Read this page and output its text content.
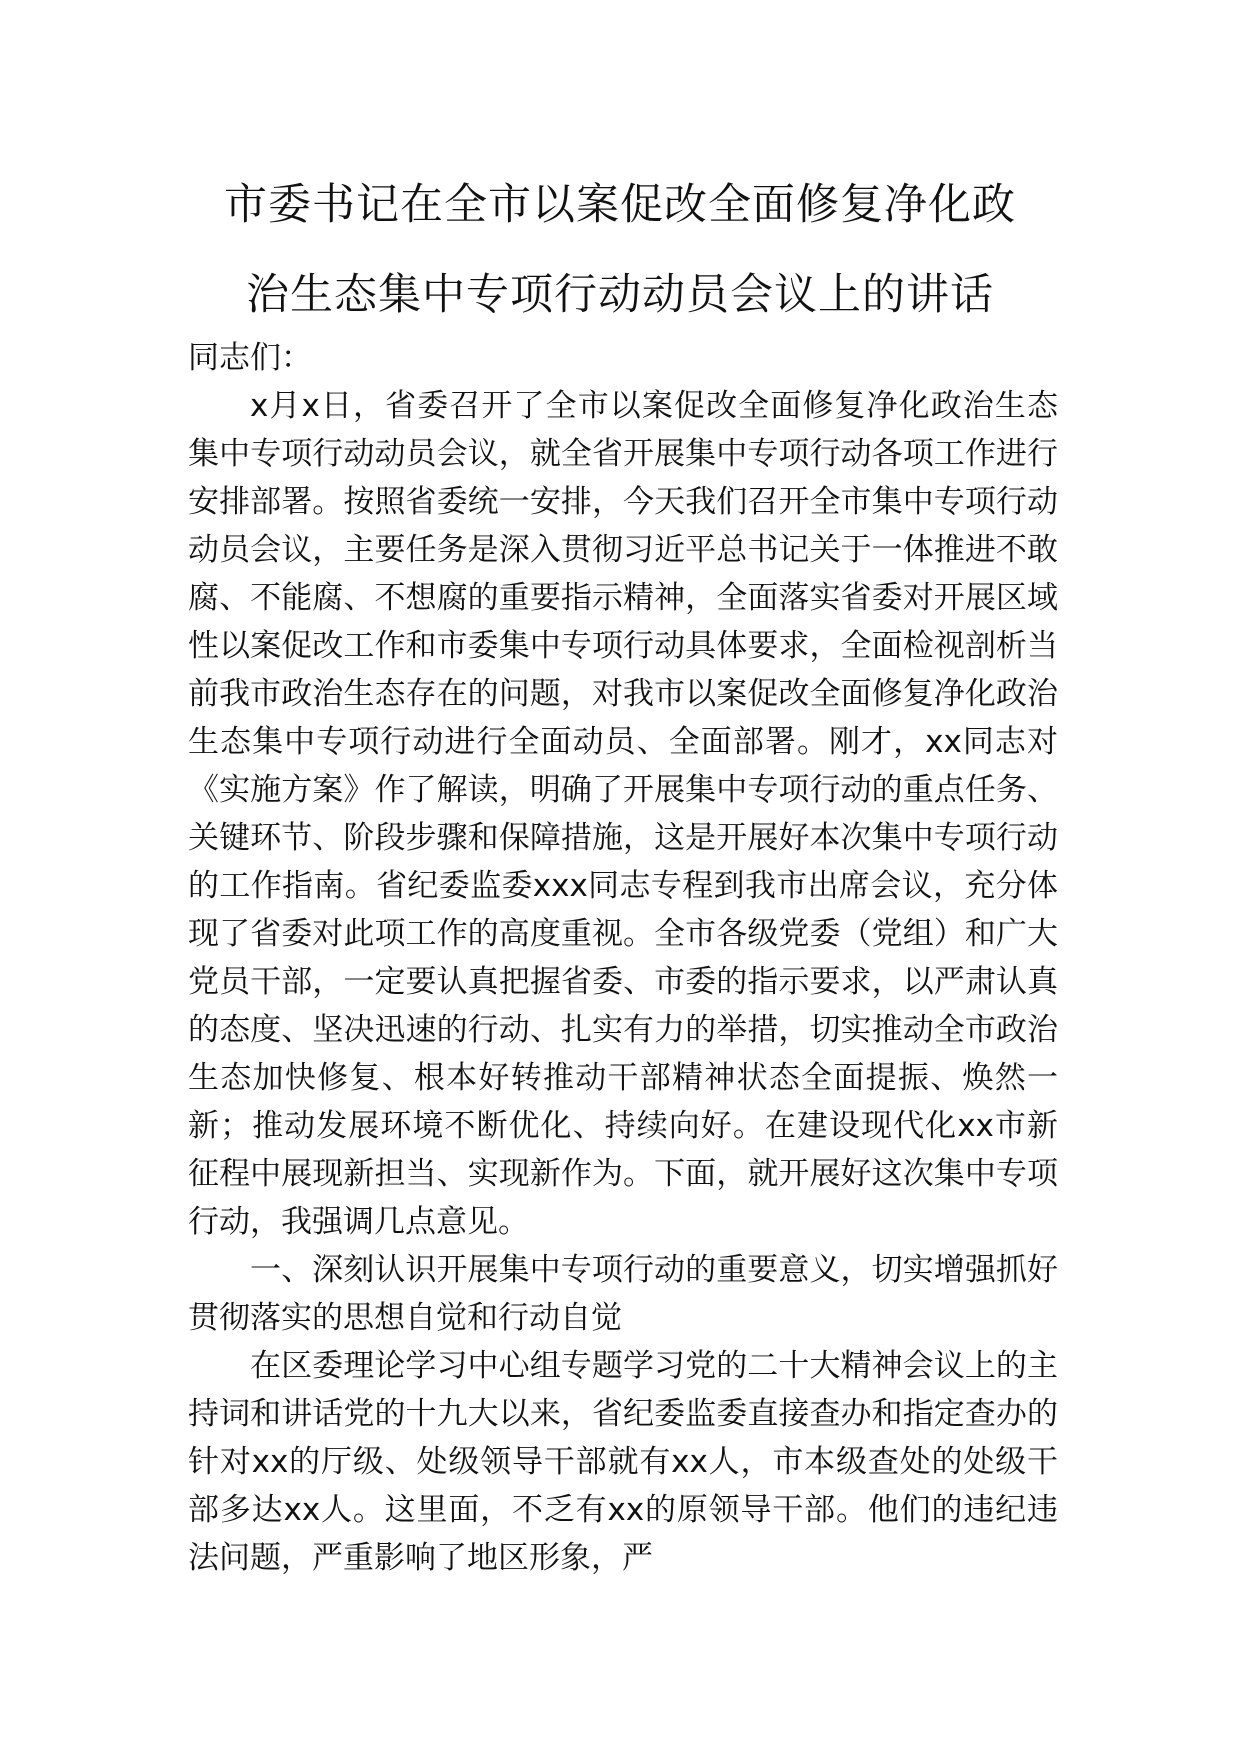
市委书记在全市以案促改全面修复净化政
治生态集中专项行动动员会议上的讲话

同志们：

x月x日，省委召开了全市以案促改全面修复净化政治生态集中专项行动动员会议，就全省开展集中专项行动各项工作进行安排部署。按照省委统一安排，今天我们召开全市集中专项行动动员会议，主要任务是深入贯彻习近平总书记关于一体推进不敢腐、不能腐、不想腐的重要指示精神，全面落实省委对开展区域性以案促改工作和市委集中专项行动具体要求，全面检视剖析当前我市政治生态存在的问题，对我市以案促改全面修复净化政治生态集中专项行动进行全面动员、全面部署。刚才，xx同志对《实施方案》作了解读，明确了开展集中专项行动的重点任务、关键环节、阶段步骤和保障措施，这是开展好本次集中专项行动的工作指南。省纪委监委xxx同志专程到我市出席会议，充分体现了省委对此项工作的高度重视。全市各级党委（党组）和广大党员干部，一定要认真把握省委、市委的指示要求，以严肃认真的态度、坚决迅速的行动、扎实有力的举措，切实推动全市政治生态加快修复、根本好转推动干部精神状态全面提振、焕然一新；推动发展环境不断优化、持续向好。在建设现代化xx市新征程中展现新担当、实现新作为。下面，就开展好这次集中专项行动，我强调几点意见。

一、深刻认识开展集中专项行动的重要意义，切实增强抓好贯彻落实的思想自觉和行动自觉

在区委理论学习中心组专题学习党的二十大精神会议上的主持词和讲话党的十九大以来，省纪委监委直接查办和指定查办的针对xx的厅级、处级领导干部就有xx人，市本级查处的处级干部多达xx人。这里面，不乏有xx的原领导干部。他们的违纪违法问题，严重影响了地区形象，严
